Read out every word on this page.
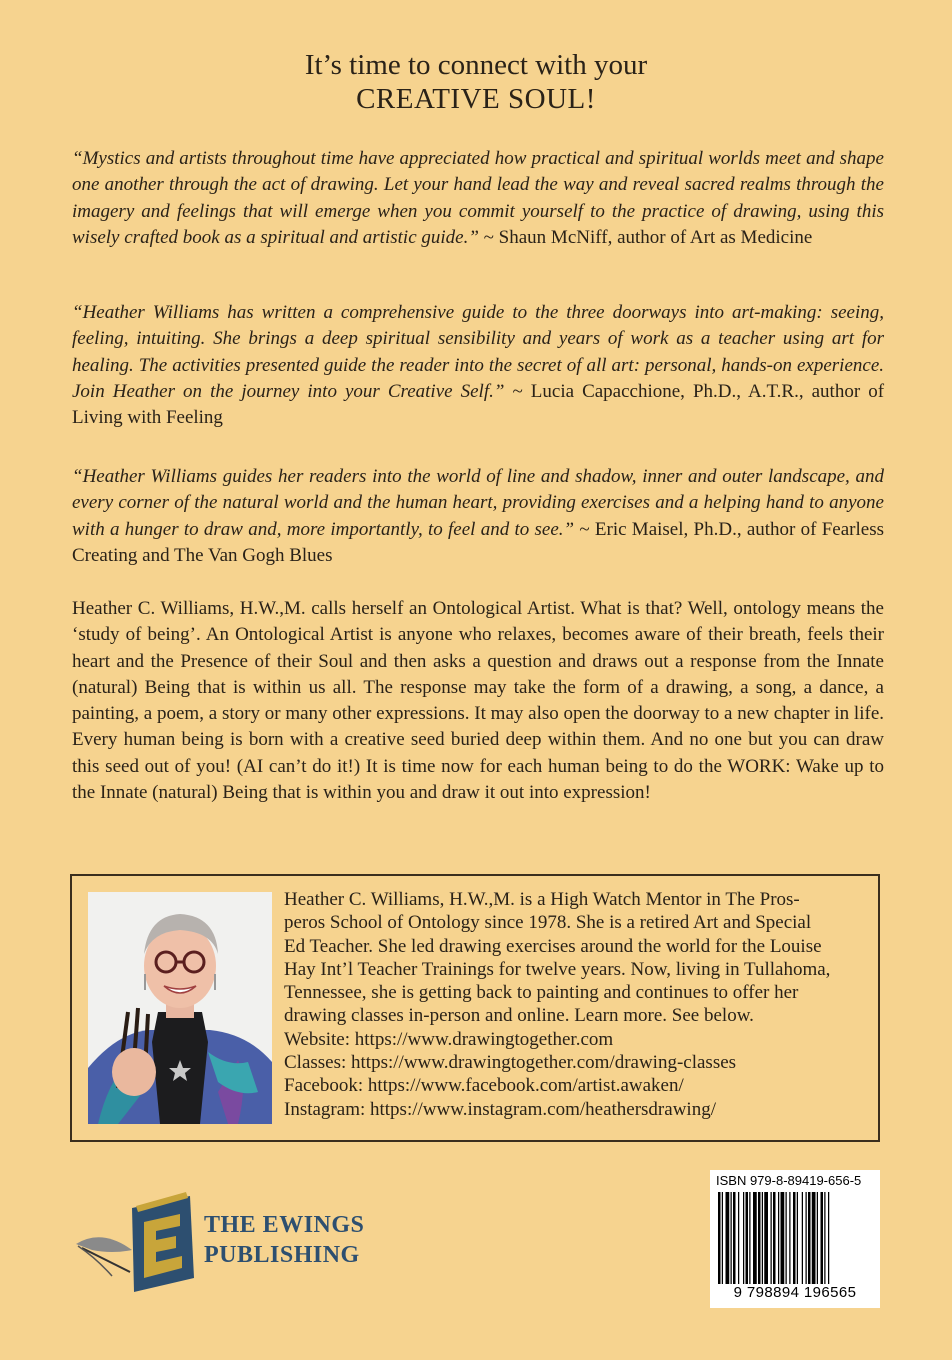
It’s time to connect with your
CREATIVE SOUL!

“Mystics and artists throughout time have appreciated how practical and spiritual worlds meet and shape one another through the act of drawing. Let your hand lead the way and reveal sacred realms through the imagery and feelings that will emerge when you commit yourself to the practice of drawing, using this wisely crafted book as a spiritual and artistic guide.” ~ Shaun McNiff, author of Art as Medicine

“Heather Williams has written a comprehensive guide to the three doorways into art-making: seeing, feeling, intuiting. She brings a deep spiritual sensibility and years of work as a teacher using art for healing. The activities presented guide the reader into the secret of all art: personal, hands-on experience. Join Heather on the journey into your Creative Self.” ~ Lucia Capacchione, Ph.D., A.T.R., author of Living with Feeling

“Heather Williams guides her readers into the world of line and shadow, inner and outer landscape, and every corner of the natural world and the human heart, providing exercises and a helping hand to anyone with a hunger to draw and, more importantly, to feel and to see.” ~ Eric Maisel, Ph.D., author of Fearless Creating and The Van Gogh Blues

Heather C. Williams, H.W.,M. calls herself an Ontological Artist. What is that? Well, ontology means the ‘study of being’. An Ontological Artist is anyone who relaxes, becomes aware of their breath, feels their heart and the Presence of their Soul and then asks a question and draws out a response from the Innate (natural) Being that is within us all. The response may take the form of a drawing, a song, a dance, a painting, a poem, a story or many other expressions. It may also open the doorway to a new chapter in life. Every human being is born with a creative seed buried deep within them. And no one but you can draw this seed out of you! (AI can’t do it!) It is time now for each human being to do the WORK: Wake up to the Innate (natural) Being that is within you and draw it out into expression!

Heather C. Williams, H.W.,M. is a High Watch Mentor in The Pros-
peros School of Ontology since 1978. She is a retired Art and Special
Ed Teacher. She led drawing exercises around the world for the Louise
Hay Int’l Teacher Trainings for twelve years. Now, living in Tullahoma,
Tennessee, she is getting back to painting and continues to offer her
drawing classes in-person and online. Learn more. See below.
Website: https://www.drawingtogether.com
Classes: https://www.drawingtogether.com/drawing-classes
Facebook: https://www.facebook.com/artist.awaken/
Instagram: https://www.instagram.com/heathersdrawing/
THE EWINGS
PUBLISHING
ISBN 979-8-89419-656-5
9 798894 196565
